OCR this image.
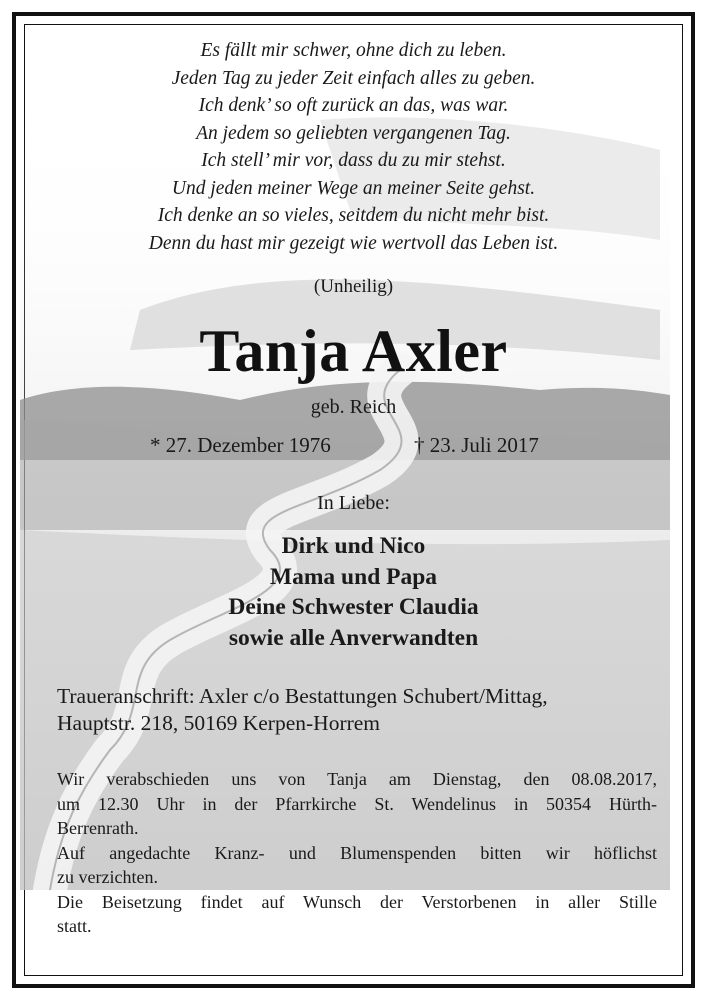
Es fällt mir schwer, ohne dich zu leben.
Jeden Tag zu jeder Zeit einfach alles zu geben.
Ich denk’ so oft zurück an das, was war.
An jedem so geliebten vergangenen Tag.
Ich stell’ mir vor, dass du zu mir stehst.
Und jeden meiner Wege an meiner Seite gehst.
Ich denke an so vieles, seitdem du nicht mehr bist.
Denn du hast mir gezeigt wie wertvoll das Leben ist.
(Unheilig)
Tanja Axler
geb. Reich
* 27. Dezember 1976	† 23. Juli 2017
In Liebe:
Dirk und Nico
Mama und Papa
Deine Schwester Claudia
sowie alle Anverwandten
Traueranschrift: Axler c/o Bestattungen Schubert/Mittag,
Hauptstr. 218, 50169 Kerpen-Horrem
Wir verabschieden uns von Tanja am Dienstag, den 08.08.2017,
um 12.30 Uhr in der Pfarrkirche St. Wendelinus in 50354 Hürth-
Berrenrath.
Auf angedachte Kranz- und Blumenspenden bitten wir höflichst
zu verzichten.
Die Beisetzung findet auf Wunsch der Verstorbenen in aller Stille
statt.
